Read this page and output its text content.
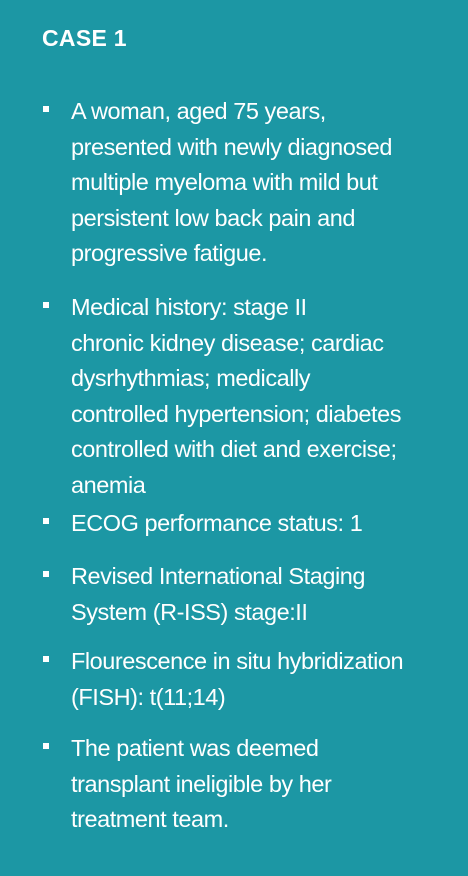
CASE 1
A woman, aged 75 years,
presented with newly diagnosed
multiple myeloma with mild but
persistent low back pain and
progressive fatigue.
Medical history: stage II
chronic kidney disease; cardiac
dysrhythmias; medically
controlled hypertension; diabetes
controlled with diet and exercise;
anemia
ECOG performance status: 1
Revised International Staging
System (R-ISS) stage:II
Flourescence in situ hybridization
(FISH): t(11;14)
The patient was deemed
transplant ineligible by her
treatment team.
